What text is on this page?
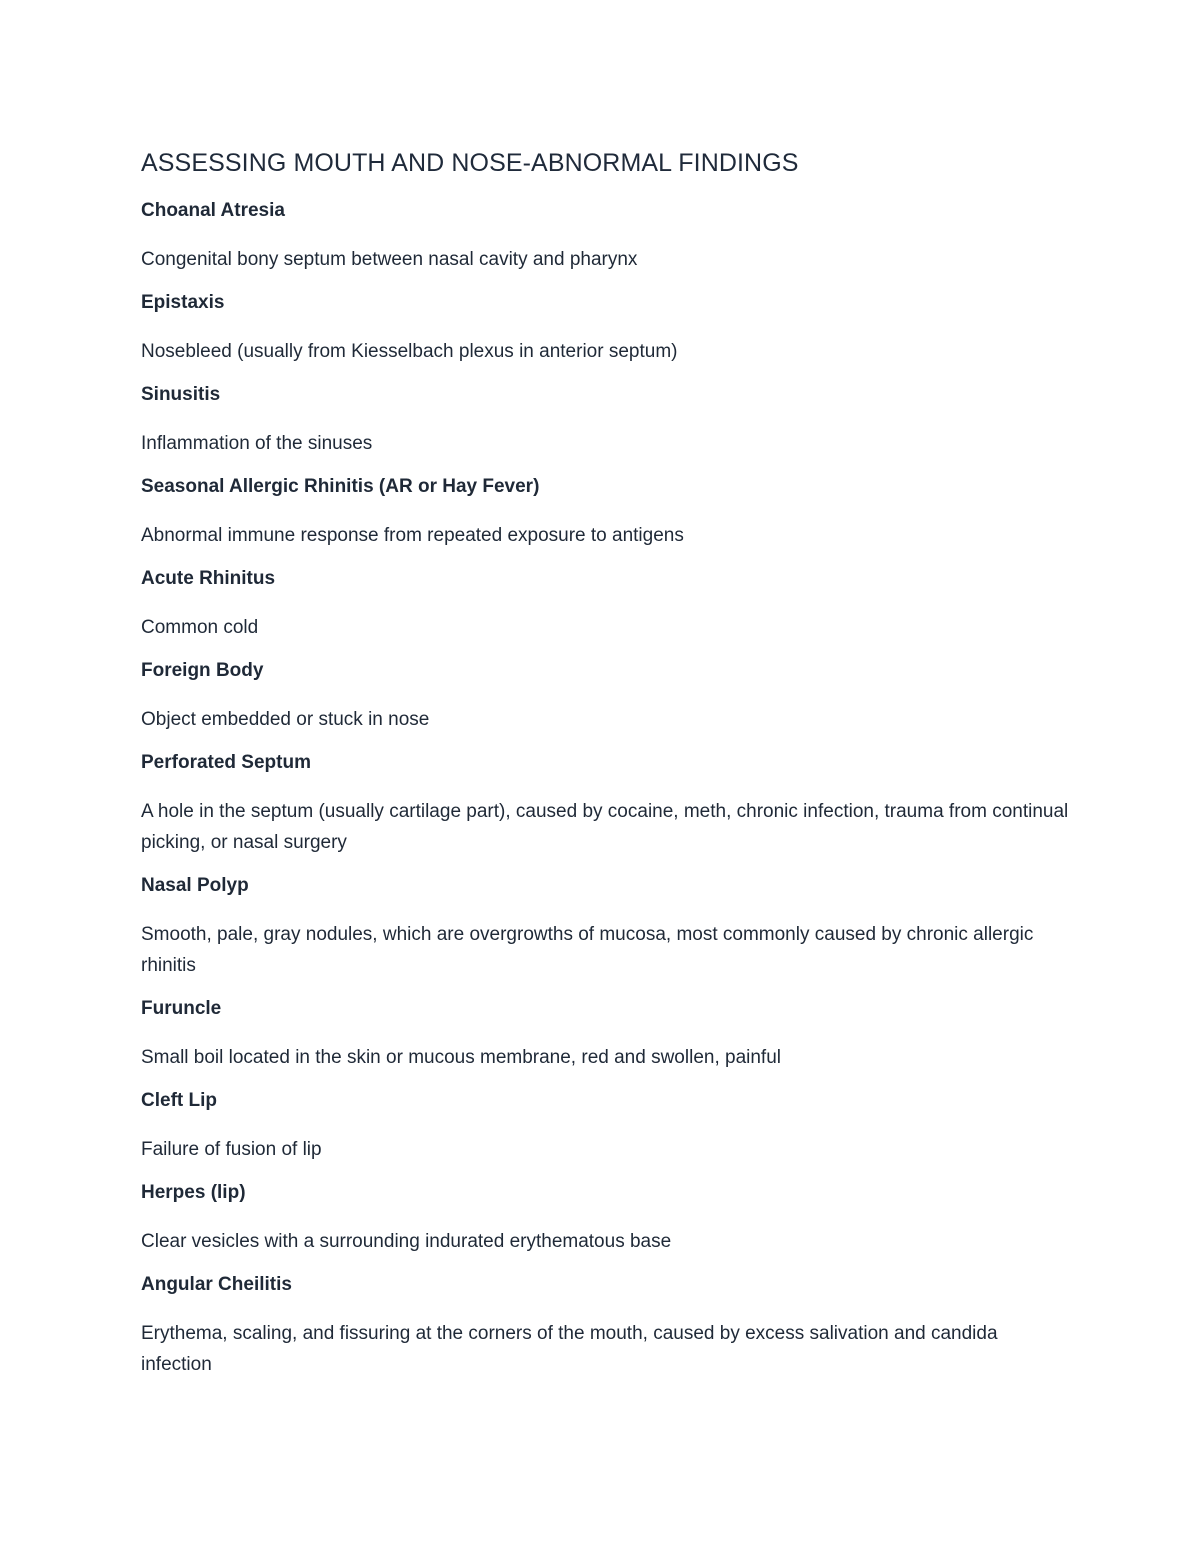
ASSESSING MOUTH AND NOSE-ABNORMAL FINDINGS

Choanal Atresia

Congenital bony septum between nasal cavity and pharynx

Epistaxis

Nosebleed (usually from Kiesselbach plexus in anterior septum)

Sinusitis

Inflammation of the sinuses

Seasonal Allergic Rhinitis (AR or Hay Fever)

Abnormal immune response from repeated exposure to antigens

Acute Rhinitus

Common cold

Foreign Body

Object embedded or stuck in nose

Perforated Septum

A hole in the septum (usually cartilage part), caused by cocaine, meth, chronic infection, trauma from continual picking, or nasal surgery

Nasal Polyp

Smooth, pale, gray nodules, which are overgrowths of mucosa, most commonly caused by chronic allergic rhinitis

Furuncle

Small boil located in the skin or mucous membrane, red and swollen, painful

Cleft Lip

Failure of fusion of lip

Herpes (lip)

Clear vesicles with a surrounding indurated erythematous base

Angular Cheilitis

Erythema, scaling, and fissuring at the corners of the mouth, caused by excess salivation and candida infection
